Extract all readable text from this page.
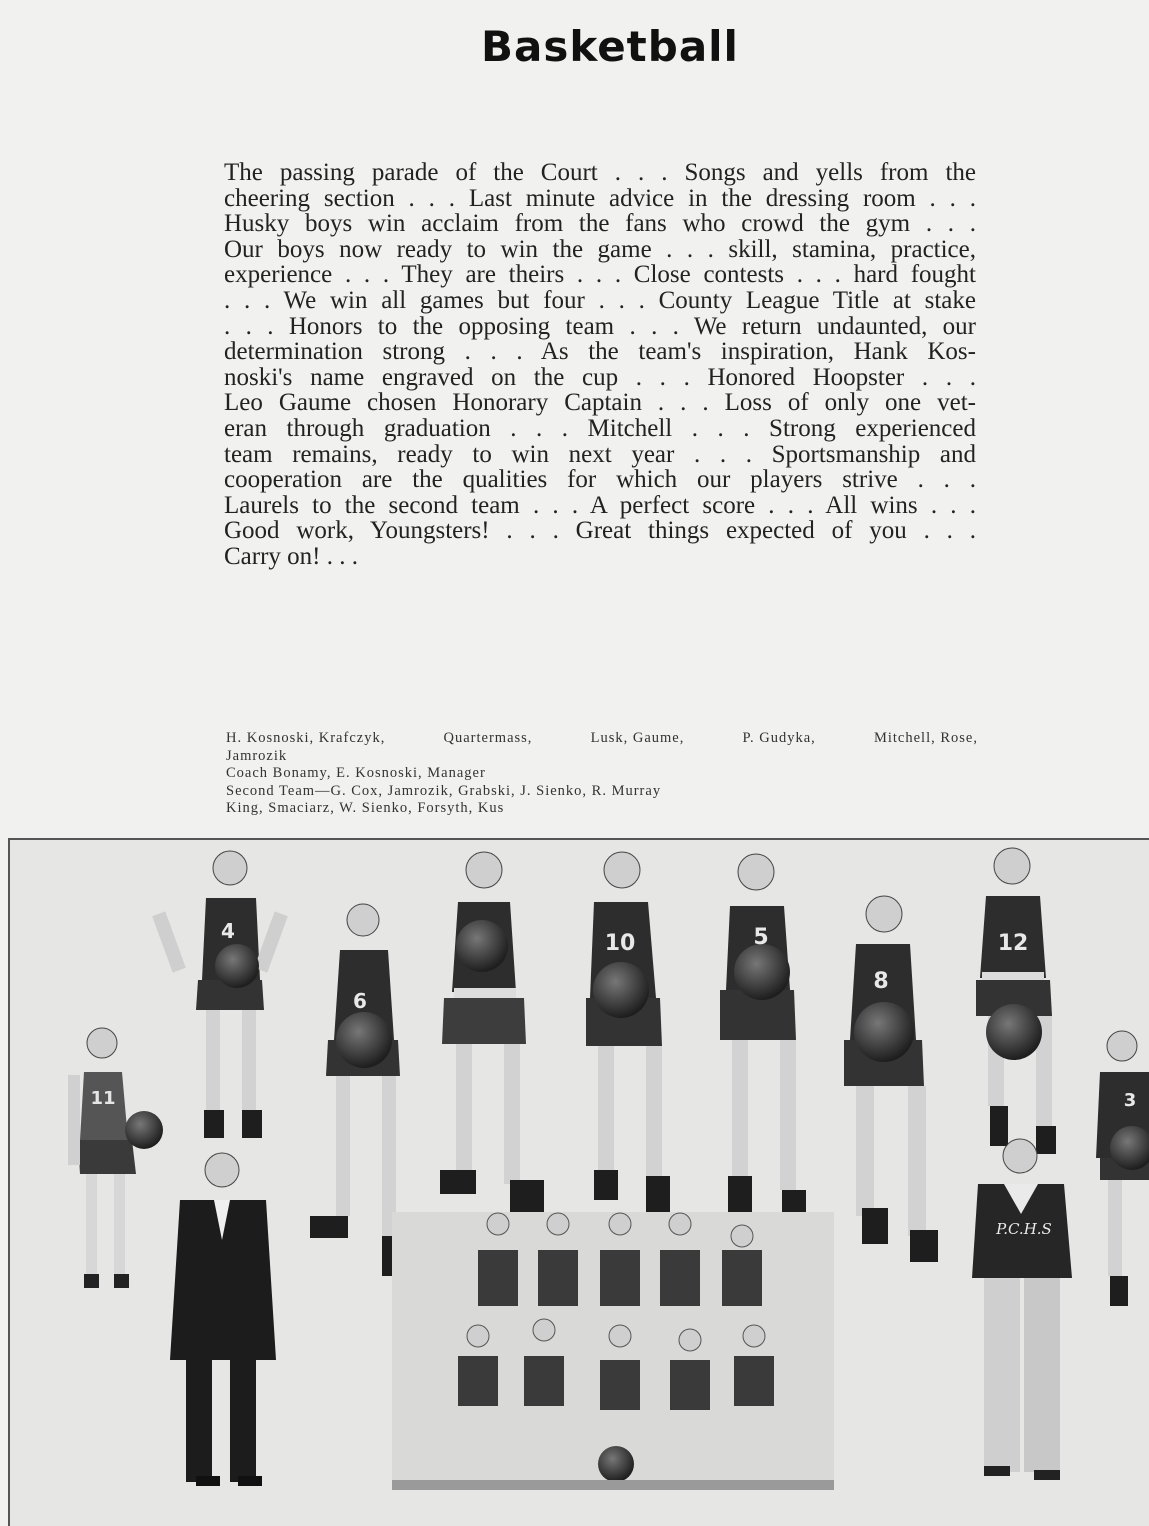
Basketball
The passing parade of the Court . . . Songs and yells from the
cheering section . . . Last minute advice in the dressing room . . .
Husky boys win acclaim from the fans who crowd the gym . . .
Our boys now ready to win the game . . . skill, stamina, practice,
experience . . . They are theirs . . . Close contests . . . hard fought
. . . We win all games but four . . . County League Title at stake
. . . Honors to the opposing team . . . We return undaunted, our
determination strong . . . As the team's inspiration, Hank Kos-
noski's name engraved on the cup . . . Honored Hoopster . . .
Leo Gaume chosen Honorary Captain . . . Loss of only one vet-
eran through graduation . . . Mitchell . . . Strong experienced
team remains, ready to win next year . . . Sportsmanship and
cooperation are the qualities for which our players strive . . .
Laurels to the second team . . . A perfect score . . . All wins . . .
Good work, Youngsters! . . . Great things expected of you . . .
Carry on! . . .
H. Kosnoski, Krafczyk,	Quartermass,	Lusk, Gaume,	P. Gudyka,	Mitchell, Rose,
Jamrozik
Coach Bonamy, E. Kosnoski, Manager
Second Team—G. Cox, Jamrozik, Grabski, J. Sienko, R. Murray
King, Smaciarz, W. Sienko, Forsyth, Kus
11
4
6
10	5
8
12
3
P.C.H.S
